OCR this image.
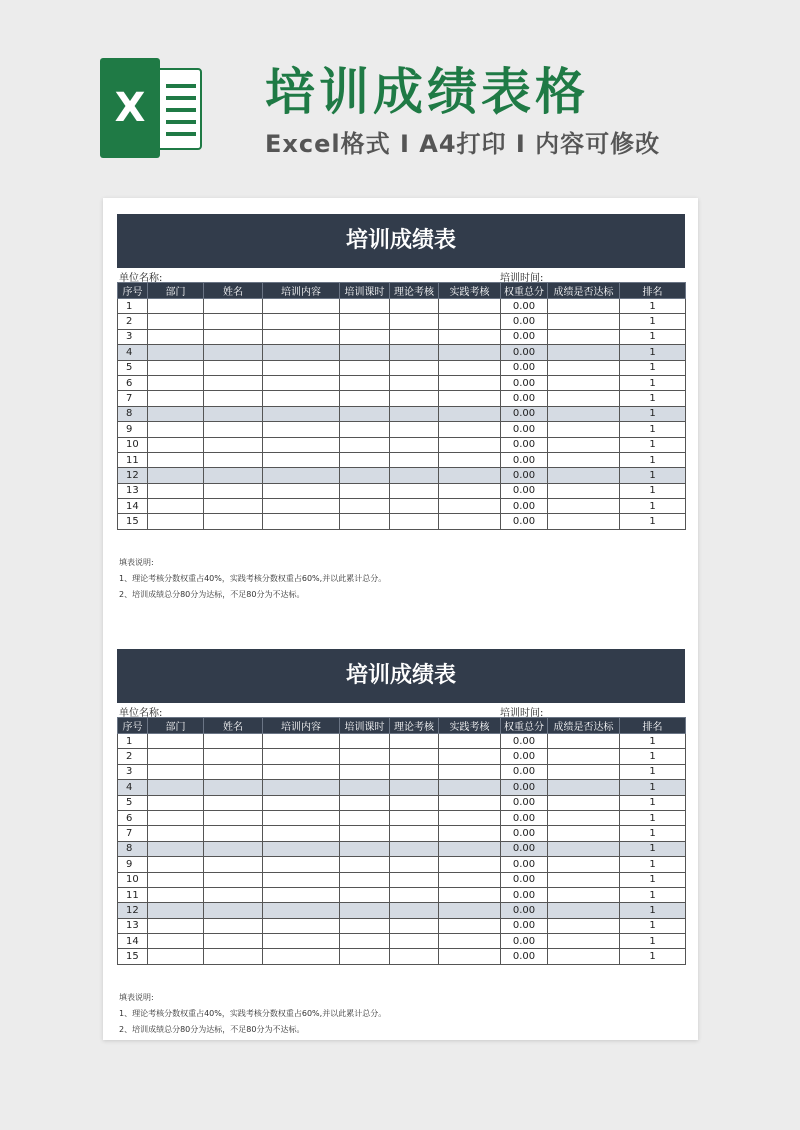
X 培训成绩表格
Excel格式 Ⅰ A4打印 Ⅰ 内容可修改
培训成绩表
单位名称:	培训时间:
序号	部门	姓名	培训内容	培训课时	理论考核	实践考核	权重总分	成绩是否达标	排名
1							0.00		1
2							0.00		1
3							0.00		1
4							0.00		1
5							0.00		1
6							0.00		1
7							0.00		1
8							0.00		1
9							0.00		1
10							0.00		1
11							0.00		1
12							0.00		1
13							0.00		1
14							0.00		1
15							0.00		1
填表说明:
1、理论考核分数权重占40%，实践考核分数权重占60%,并以此累计总分。
2、培训成绩总分80分为达标，不足80分为不达标。
培训成绩表
单位名称:	培训时间:
序号	部门	姓名	培训内容	培训课时	理论考核	实践考核	权重总分	成绩是否达标	排名
1							0.00		1
2							0.00		1
3							0.00		1
4							0.00		1
5							0.00		1
6							0.00		1
7							0.00		1
8							0.00		1
9							0.00		1
10							0.00		1
11							0.00		1
12							0.00		1
13							0.00		1
14							0.00		1
15							0.00		1
填表说明:
1、理论考核分数权重占40%，实践考核分数权重占60%,并以此累计总分。
2、培训成绩总分80分为达标，不足80分为不达标。
